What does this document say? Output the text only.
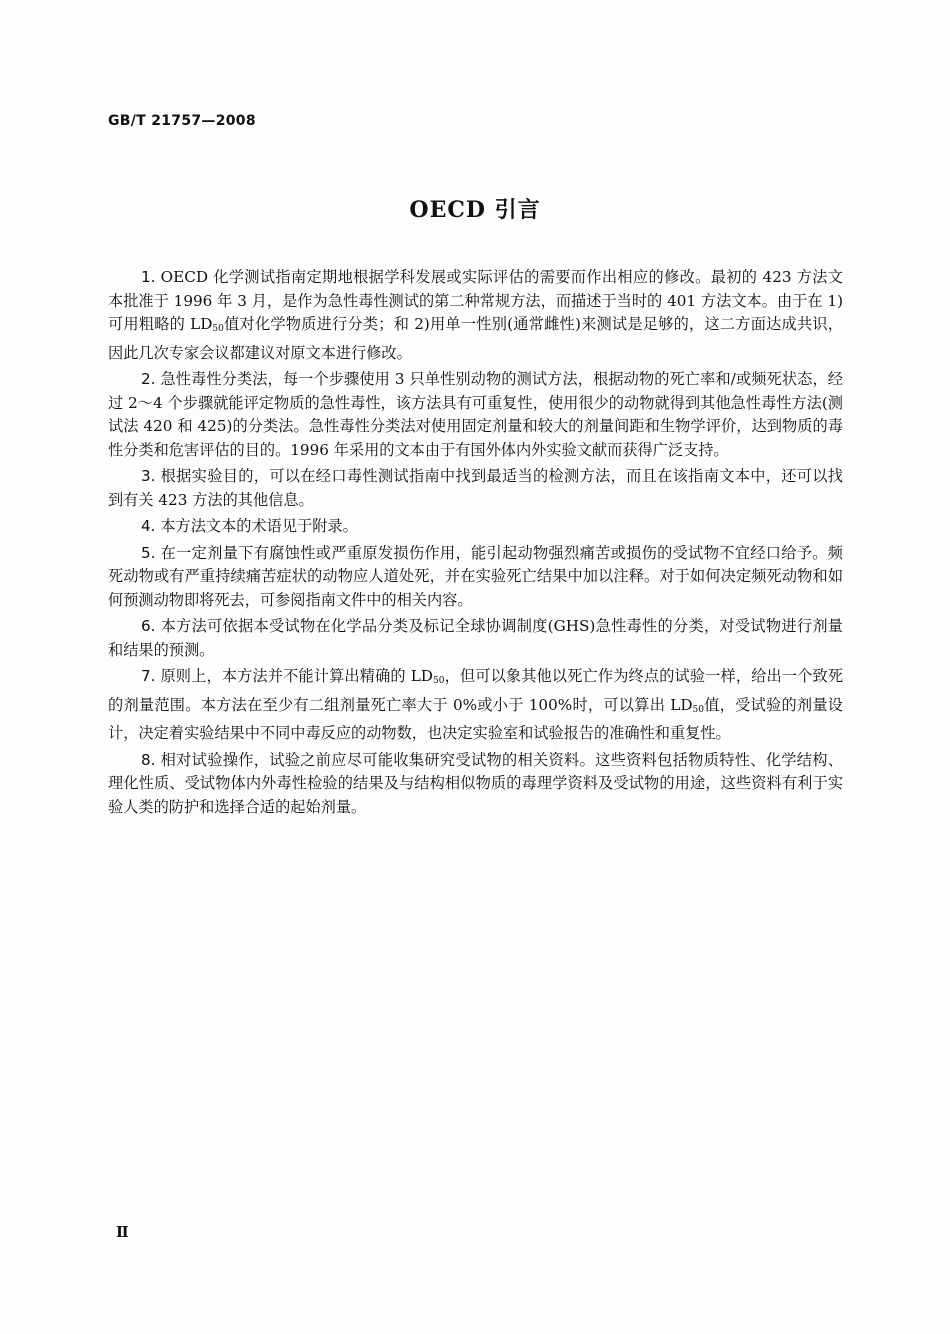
GB/T 21757—2008
OECD 引言

1. OECD 化学测试指南定期地根据学科发展或实际评估的需要而作出相应的修改。最初的 423 方法文本批准于 1996 年 3 月，是作为急性毒性测试的第二种常规方法，而描述于当时的 401 方法文本。由于在 1)可用粗略的 $LD_{50}$值对化学物质进行分类；和 2)用单一性别(通常雌性)来测试是足够的，这二方面达成共识，因此几次专家会议都建议对原文本进行修改。

2. 急性毒性分类法，每一个步骤使用 3 只单性别动物的测试方法，根据动物的死亡率和/或频死状态，经过 2～4 个步骤就能评定物质的急性毒性，该方法具有可重复性，使用很少的动物就得到其他急性毒性方法(测试法 420 和 425)的分类法。急性毒性分类法对使用固定剂量和较大的剂量间距和生物学评价，达到物质的毒性分类和危害评估的目的。1996 年采用的文本由于有国外体内外实验文献而获得广泛支持。

3. 根据实验目的，可以在经口毒性测试指南中找到最适当的检测方法，而且在该指南文本中，还可以找到有关 423 方法的其他信息。

4. 本方法文本的术语见于附录。

5. 在一定剂量下有腐蚀性或严重原发损伤作用，能引起动物强烈痛苦或损伤的受试物不宜经口给予。频死动物或有严重持续痛苦症状的动物应人道处死，并在实验死亡结果中加以注释。对于如何决定频死动物和如何预测动物即将死去，可参阅指南文件中的相关内容。

6. 本方法可依据本受试物在化学品分类及标记全球协调制度(GHS)急性毒性的分类，对受试物进行剂量和结果的预测。

7. 原则上，本方法并不能计算出精确的 $LD_{50}$，但可以象其他以死亡作为终点的试验一样，给出一个致死的剂量范围。本方法在至少有二组剂量死亡率大于 0%或小于 100%时，可以算出 $LD_{50}$值，受试验的剂量设计，决定着实验结果中不同中毒反应的动物数，也决定实验室和试验报告的准确性和重复性。

8. 相对试验操作，试验之前应尽可能收集研究受试物的相关资料。这些资料包括物质特性、化学结构、理化性质、受试物体内外毒性检验的结果及与结构相似物质的毒理学资料及受试物的用途，这些资料有利于实验人类的防护和选择合适的起始剂量。

Ⅱ
